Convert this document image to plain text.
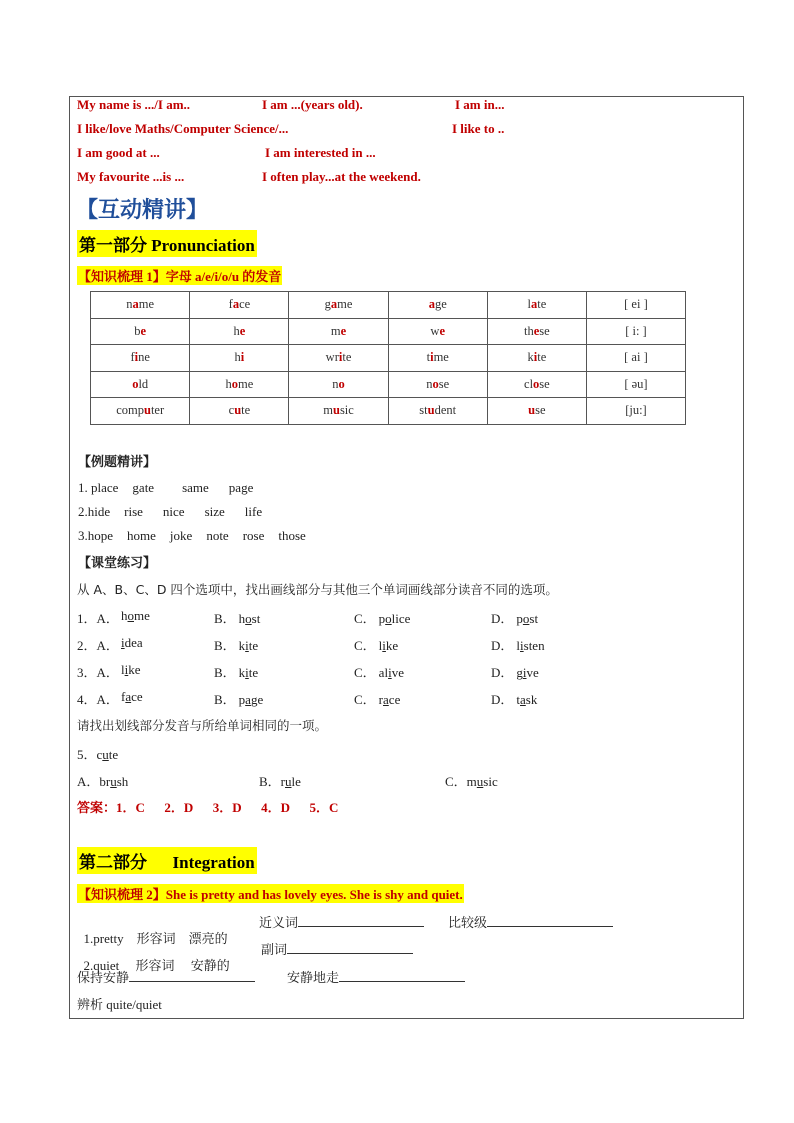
My name is .../I am..	I am ...(years old).	I am in...
I like/love Maths/Computer Science/...	I like to ..
I am good at ...	I am interested in ...
My favourite ...is ...	I often play...at the weekend.
【互动精讲】
第一部分 Pronunciation
【知识梳理 1】字母 a/e/i/o/u 的发音
name	face	game	age	late	[ ei ]
be	he	me	we	these	[ i: ]
fine	hi	write	time	kite	[ ai ]
old	home	no	nose	close	[ əu]
computer	cute	music	student	use	[ju:]
【例题精讲】
1. place gate same page
2.hide rise nice size life
3.hope home joke note rose those
【课堂练习】
从 A、B、C、D 四个选项中，找出画线部分与其他三个单词画线部分读音不同的选项。
1．A． home	B． host	C． police	D． post
2．A． idea	B． kite	C． like	D． listen
3．A． like	B． kite	C． alive	D． give
4．A． face	B． page	C． race	D． task
请找出划线部分发音与所给单词相同的一项。
5．cute
A．brush	B．rule	C．music
答案：1．C      2．D      3．D      4．D      5．C
第二部分      Integration
【知识梳理 2】She is pretty and has lovely eyes. She is shy and quiet.

1.pretty    形容词    漂亮的

近义词	比较级

2.quiet     形容词     安静的

副词
保持安静	安静地走
辨析 quite/quiet
